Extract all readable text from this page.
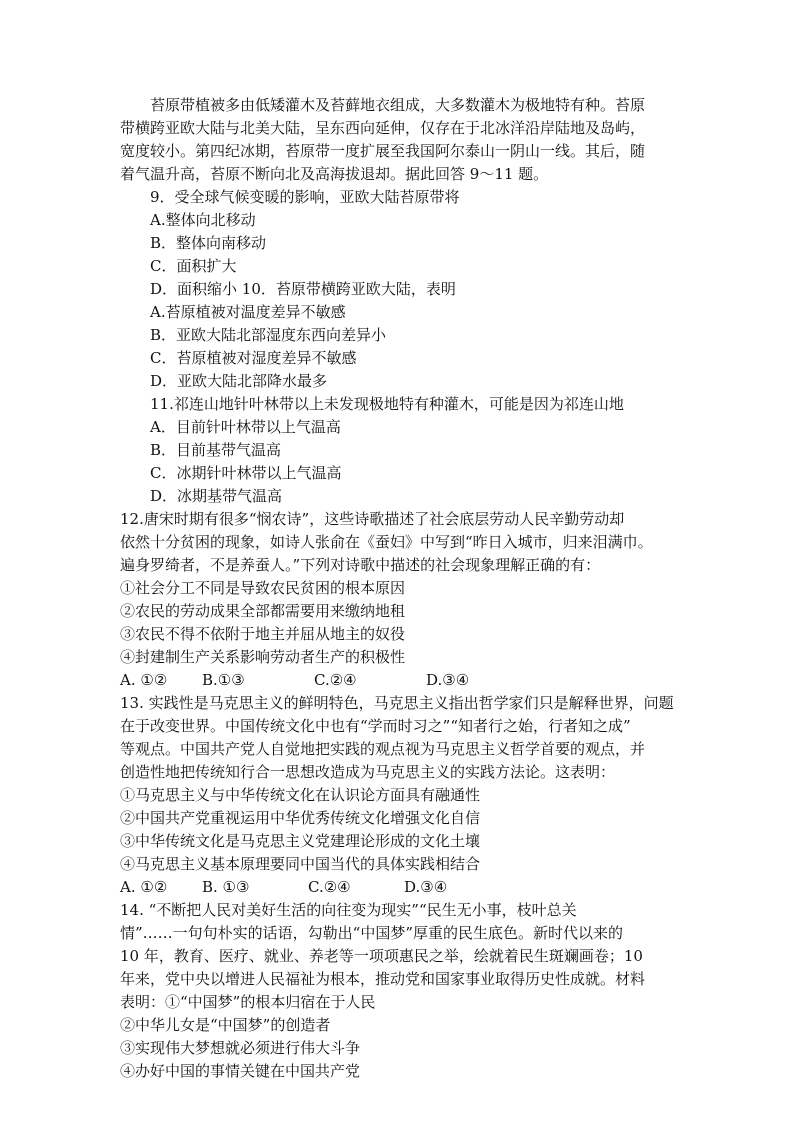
苔原带植被多由低矮灌木及苔藓地衣组成，大多数灌木为极地特有种。苔原
带横跨亚欧大陆与北美大陆，呈东西向延伸，仅存在于北冰洋沿岸陆地及岛屿，
宽度较小。第四纪冰期，苔原带一度扩展至我国阿尔泰山一阴山一线。其后，随
着气温升高，苔原不断向北及高海拔退却。据此回答 9～11 题。
9．受全球气候变暖的影响，亚欧大陆苔原带将
A.整体向北移动
B．整体向南移动
C．面积扩大
D．面积缩小 10．苔原带横跨亚欧大陆，表明
A.苔原植被对温度差异不敏感
B．亚欧大陆北部湿度东西向差异小
C．苔原植被对湿度差异不敏感
D．亚欧大陆北部降水最多
11.祁连山地针叶林带以上未发现极地特有种灌木，可能是因为祁连山地
A．目前针叶林带以上气温高
B．目前基带气温高
C．冰期针叶林带以上气温高
D．冰期基带气温高
12.唐宋时期有很多“悯农诗”，这些诗歌描述了社会底层劳动人民辛勤劳动却
依然十分贫困的现象，如诗人张俞在《蚕妇》中写到“昨日入城市，归来泪满巾。
遍身罗绮者，不是养蚕人。”下列对诗歌中描述的社会现象理解正确的有：
①社会分工不同是导致农民贫困的根本原因
②农民的劳动成果全部都需要用来缴纳地租
③农民不得不依附于地主并屈从地主的奴役
④封建制生产关系影响劳动者生产的积极性
A. ①② B.①③	C.②④	D.③④
13. 实践性是马克思主义的鲜明特色，马克思主义指出哲学家们只是解释世界，问题
在于改变世界。中国传统文化中也有“学而时习之”“知者行之始，行者知之成”
等观点。中国共产党人自觉地把实践的观点视为马克思主义哲学首要的观点，并
创造性地把传统知行合一思想改造成为马克思主义的实践方法论。这表明：
①马克思主义与中华传统文化在认识论方面具有融通性
②中国共产党重视运用中华优秀传统文化增强文化自信
③中华传统文化是马克思主义党建理论形成的文化土壤
④马克思主义基本原理要同中国当代的具体实践相结合
A. ①② B. ①③	C.②④	D.③④
14. “不断把人民对美好生活的向往变为现实”“民生无小事，枝叶总关
情”……一句句朴实的话语，勾勒出“中国梦”厚重的民生底色。新时代以来的
10 年，教育、医疗、就业、养老等一项项惠民之举，绘就着民生斑斓画卷；10
年来，党中央以增进人民福祉为根本，推动党和国家事业取得历史性成就。材料
表明：①“中国梦”的根本归宿在于人民
②中华儿女是“中国梦”的创造者
③实现伟大梦想就必须进行伟大斗争
④办好中国的事情关键在中国共产党
